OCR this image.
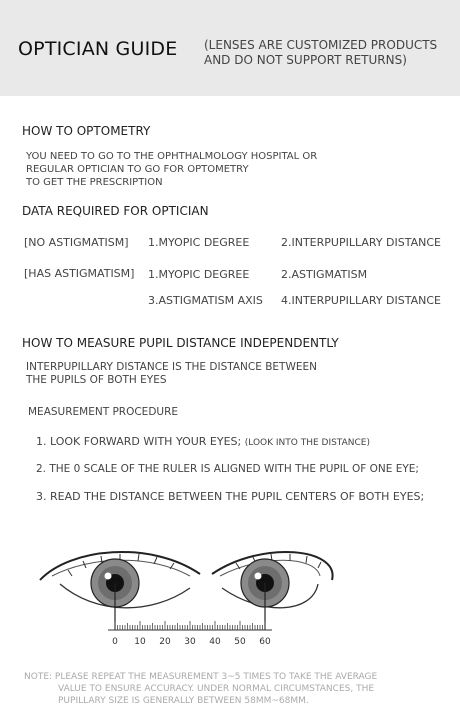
OPTICIAN GUIDE (LENSES ARE CUSTOMIZED PRODUCTS
AND DO NOT SUPPORT RETURNS)
HOW TO OPTOMETRY
YOU NEED TO GO TO THE OPHTHALMOLOGY HOSPITAL OR
REGULAR OPTICIAN TO GO FOR OPTOMETRY
TO GET THE PRESCRIPTION
DATA REQUIRED FOR OPTICIAN
[NO ASTIGMATISM] 1.MYOPIC DEGREE	2.INTERPUPILLARY DISTANCE
[HAS ASTIGMATISM] 1.MYOPIC DEGREE	2.ASTIGMATISM
3.ASTIGMATISM AXIS 4.INTERPUPILLARY DISTANCE
HOW TO MEASURE PUPIL DISTANCE INDEPENDENTLY
INTERPUPILLARY DISTANCE IS THE DISTANCE BETWEEN
THE PUPILS OF BOTH EYES
MEASUREMENT PROCEDURE
1. LOOK FORWARD WITH YOUR EYES; (LOOK INTO THE DISTANCE)
2. THE 0 SCALE OF THE RULER IS ALIGNED WITH THE PUPIL OF ONE EYE;
3. READ THE DISTANCE BETWEEN THE PUPIL CENTERS OF BOTH EYES;
0 10 20 30 40 50 60
NOTE: PLEASE REPEAT THE MEASUREMENT 3~5 TIMES TO TAKE THE AVERAGE
VALUE TO ENSURE ACCURACY. UNDER NORMAL CIRCUMSTANCES, THE
PUPILLARY SIZE IS GENERALLY BETWEEN 58MM~68MM.
